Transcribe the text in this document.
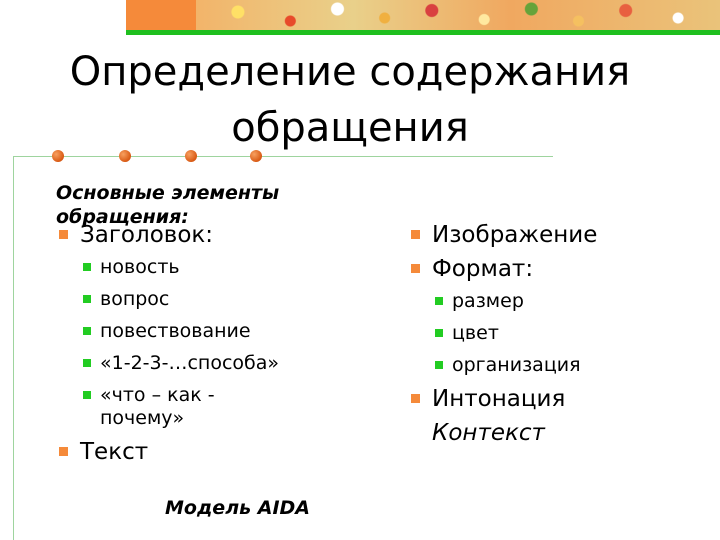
Определение содержания обращения
Основные элементы обращения:
Заголовок:
новость
вопрос
повествование
«1-2-3-…способа»
«что – как - почему»
Текст
Изображение
Формат:
размер
цвет
организация
Интонация
Контекст
Модель AIDA
